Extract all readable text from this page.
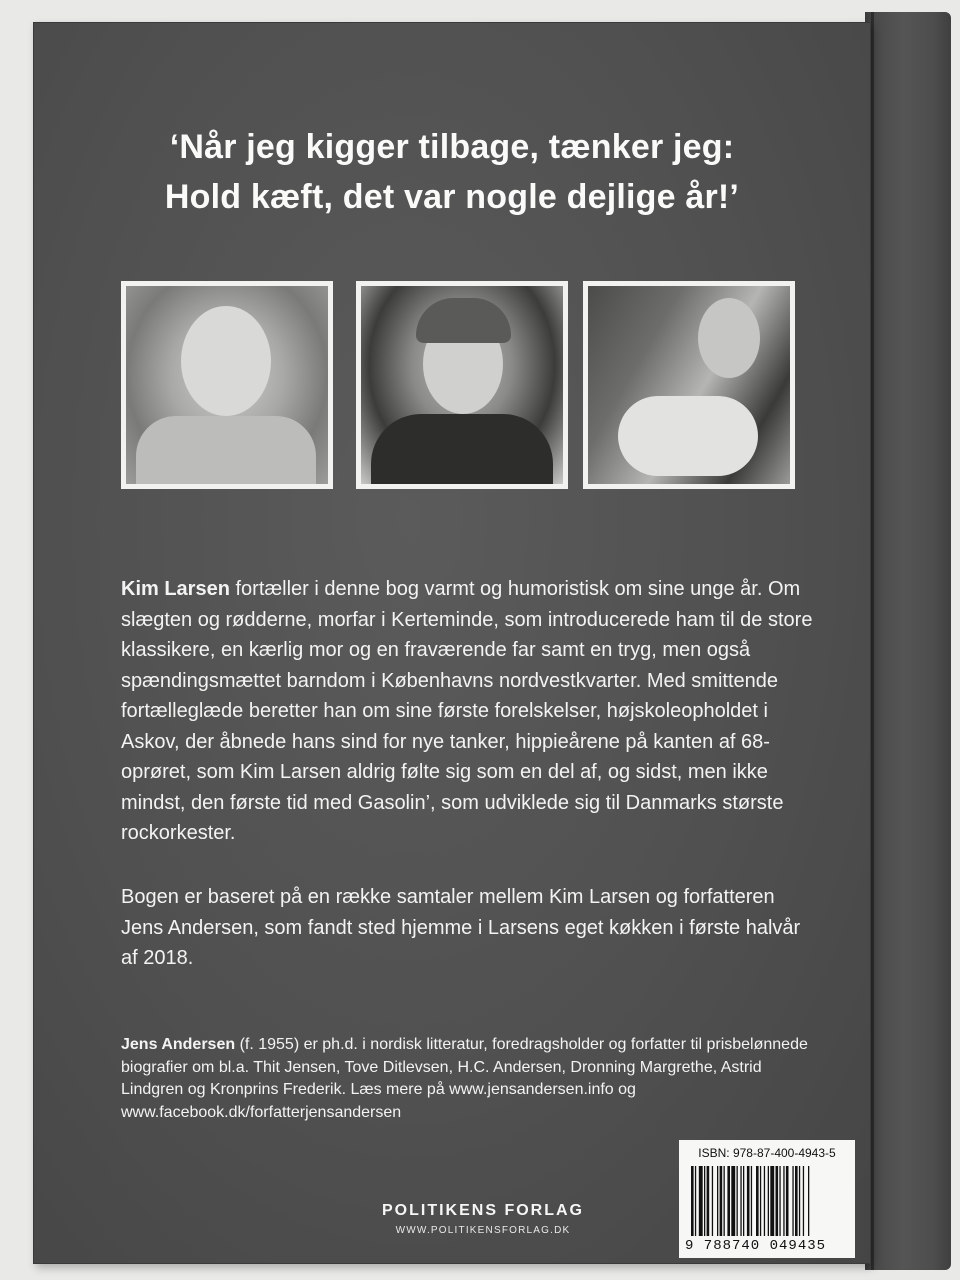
‘Når jeg kigger tilbage, tænker jeg:
Hold kæft, det var nogle dejlige år!’
Kim Larsen fortæller i denne bog varmt og humoristisk om sine unge år. Om slægten og rødderne, morfar i Kerteminde, som introducerede ham til de store klassikere, en kærlig mor og en fraværende far samt en tryg, men også spændingsmættet barndom i Københavns nordvestkvarter. Med smittende fortælleglæde beretter han om sine første forelskelser, højskoleopholdet i Askov, der åbnede hans sind for nye tanker, hippieårene på kanten af 68-oprøret, som Kim Larsen aldrig følte sig som en del af, og sidst, men ikke mindst, den første tid med Gasolin’, som udviklede sig til Danmarks største rockorkester.
Bogen er baseret på en række samtaler mellem Kim Larsen og forfatteren Jens Andersen, som fandt sted hjemme i Larsens eget køkken i første halvår af 2018.
Jens Andersen (f. 1955) er ph.d. i nordisk litteratur, foredragsholder og forfatter til prisbelønnede biografier om bl.a. Thit Jensen, Tove Ditlevsen, H.C. Andersen, Dronning Margrethe, Astrid Lindgren og Kronprins Frederik. Læs mere på www.jensandersen.info og www.facebook.dk/forfatterjensandersen
POLITIKENS FORLAG
WWW.POLITIKENSFORLAG.DK
ISBN: 978-87-400-4943-5
9 788740 049435
